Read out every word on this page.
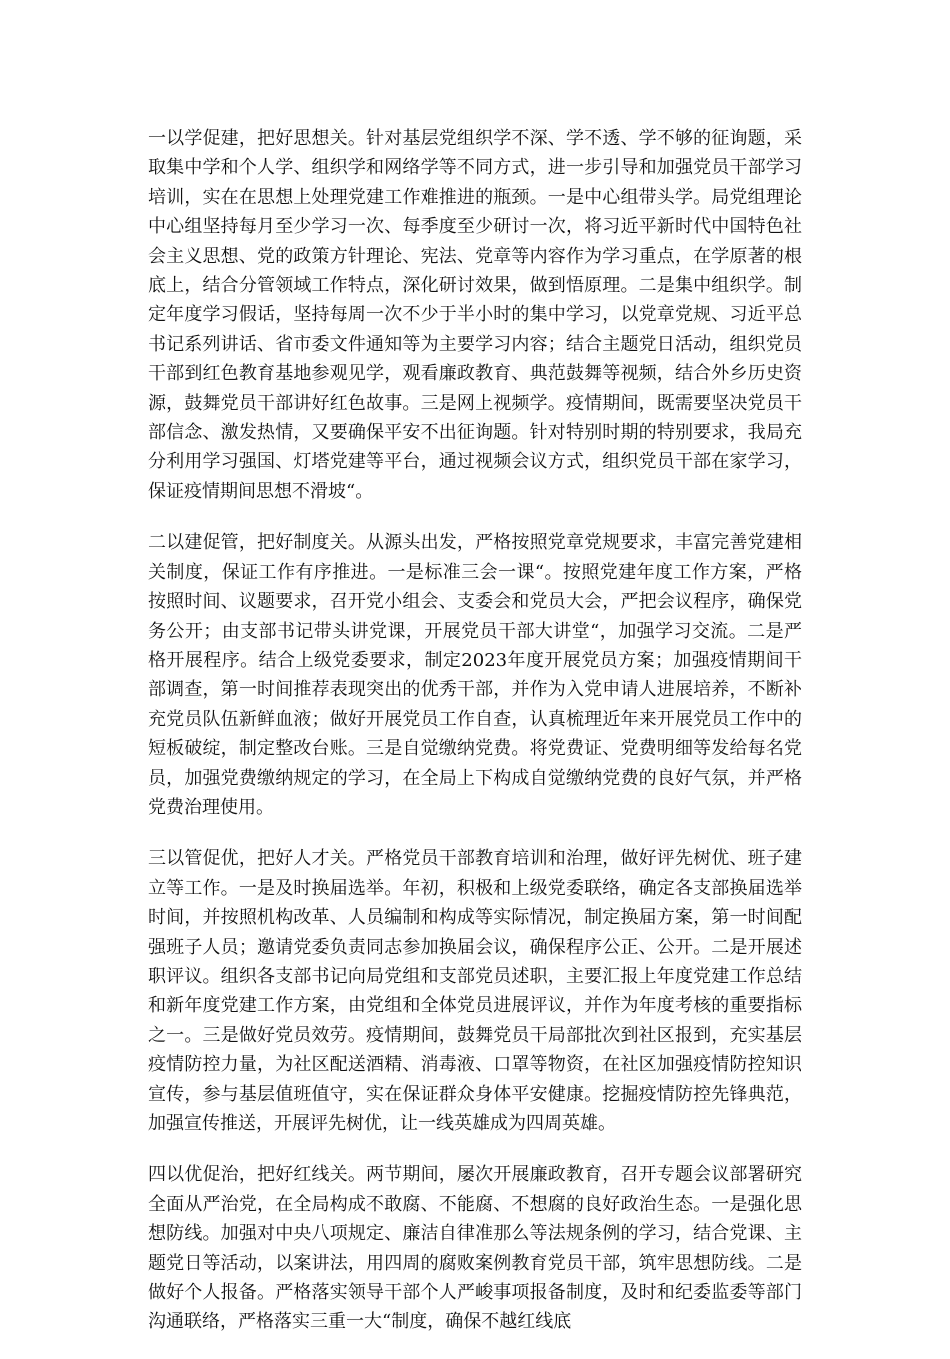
一以学促建，把好思想关。针对基层党组织学不深、学不透、学不够的征询题，采取集中学和个人学、组织学和网络学等不同方式，进一步引导和加强党员干部学习培训，实在在思想上处理党建工作难推进的瓶颈。一是中心组带头学。局党组理论中心组坚持每月至少学习一次、每季度至少研讨一次，将习近平新时代中国特色社会主义思想、党的政策方针理论、宪法、党章等内容作为学习重点，在学原著的根底上，结合分管领域工作特点，深化研讨效果，做到悟原理。二是集中组织学。制定年度学习假话，坚持每周一次不少于半小时的集中学习，以党章党规、习近平总书记系列讲话、省市委文件通知等为主要学习内容；结合主题党日活动，组织党员干部到红色教育基地参观见学，观看廉政教育、典范鼓舞等视频，结合外乡历史资源，鼓舞党员干部讲好红色故事。三是网上视频学。疫情期间，既需要坚决党员干部信念、激发热情，又要确保平安不出征询题。针对特别时期的特别要求，我局充分利用学习强国、灯塔党建等平台，通过视频会议方式，组织党员干部在家学习，保证疫情期间思想不滑坡“。

二以建促管，把好制度关。从源头出发，严格按照党章党规要求，丰富完善党建相关制度，保证工作有序推进。一是标准三会一课“。按照党建年度工作方案，严格按照时间、议题要求，召开党小组会、支委会和党员大会，严把会议程序，确保党务公开；由支部书记带头讲党课，开展党员干部大讲堂“，加强学习交流。二是严格开展程序。结合上级党委要求，制定2023年度开展党员方案；加强疫情期间干部调查，第一时间推荐表现突出的优秀干部，并作为入党申请人进展培养，不断补充党员队伍新鲜血液；做好开展党员工作自查，认真梳理近年来开展党员工作中的短板破绽，制定整改台账。三是自觉缴纳党费。将党费证、党费明细等发给每名党员，加强党费缴纳规定的学习，在全局上下构成自觉缴纳党费的良好气氛，并严格党费治理使用。

三以管促优，把好人才关。严格党员干部教育培训和治理，做好评先树优、班子建立等工作。一是及时换届选举。年初，积极和上级党委联络，确定各支部换届选举时间，并按照机构改革、人员编制和构成等实际情况，制定换届方案，第一时间配强班子人员；邀请党委负责同志参加换届会议，确保程序公正、公开。二是开展述职评议。组织各支部书记向局党组和支部党员述职，主要汇报上年度党建工作总结和新年度党建工作方案，由党组和全体党员进展评议，并作为年度考核的重要指标之一。三是做好党员效劳。疫情期间，鼓舞党员干局部批次到社区报到，充实基层疫情防控力量，为社区配送酒精、消毒液、口罩等物资，在社区加强疫情防控知识宣传，参与基层值班值守，实在保证群众身体平安健康。挖掘疫情防控先锋典范，加强宣传推送，开展评先树优，让一线英雄成为四周英雄。

四以优促治，把好红线关。两节期间，屡次开展廉政教育，召开专题会议部署研究全面从严治党，在全局构成不敢腐、不能腐、不想腐的良好政治生态。一是强化思想防线。加强对中央八项规定、廉洁自律准那么等法规条例的学习，结合党课、主题党日等活动，以案讲法，用四周的腐败案例教育党员干部，筑牢思想防线。二是做好个人报备。严格落实领导干部个人严峻事项报备制度，及时和纪委监委等部门沟通联络，严格落实三重一大“制度，确保不越红线底
